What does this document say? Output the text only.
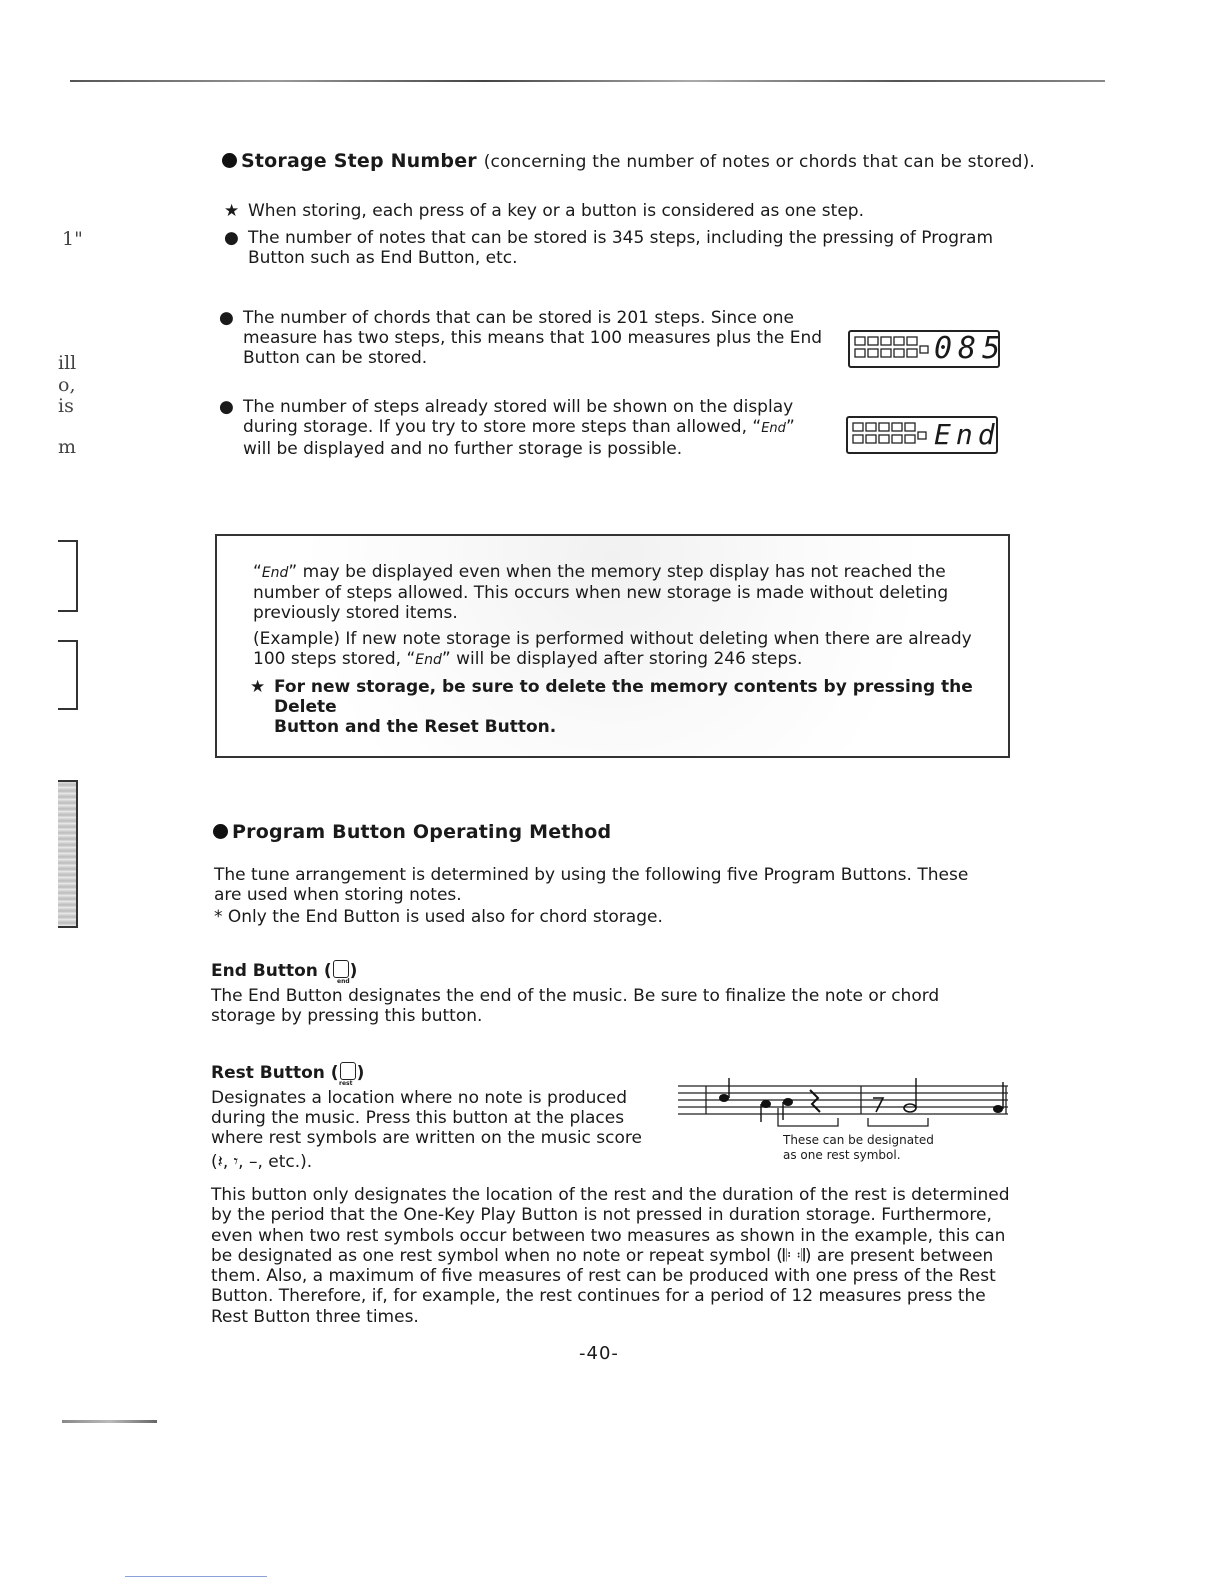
1"
ill
o,
is
m
Storage Step Number (concerning the number of notes or chords that can be stored).
★ When storing, each press of a key or a button is considered as one step.
● The number of notes that can be stored is 345 steps, including the pressing of Program
Button such as End Button, etc.
● The number of chords that can be stored is 201 steps. Since one
measure has two steps, this means that 100 measures plus the End
Button can be stored.	085
● The number of steps already stored will be shown on the display
during storage. If you try to store more steps than allowed, “End”
will be displayed and no further storage is possible.	End
“End” may be displayed even when the memory step display has not reached the
number of steps allowed. This occurs when new storage is made without deleting
previously stored items.
(Example) If new note storage is performed without deleting when there are already
100 steps stored, “End” will be displayed after storing 246 steps.
★ For new storage, be sure to delete the memory contents by pressing the Delete
Button and the Reset Button.
Program Button Operating Method
The tune arrangement is determined by using the following five Program Buttons. These
are used when storing notes.
* Only the End Button is used also for chord storage.
End Button ( )
end
The End Button designates the end of the music. Be sure to finalize the note or chord
storage by pressing this button.
Rest Button ( )
rest
Designates a location where no note is produced
during the music. Press this button at the places
where rest symbols are written on the music score
(𝄽, 𝄾, –, etc.).
These can be designated
as one rest symbol.
This button only designates the location of the rest and the duration of the rest is determined
by the period that the One-Key Play Button is not pressed in duration storage. Furthermore,
even when two rest symbols occur between two measures as shown in the example, this can
be designated as one rest symbol when no note or repeat symbol (𝄆 𝄇) are present between
them. Also, a maximum of five measures of rest can be produced with one press of the Rest
Button. Therefore, if, for example, the rest continues for a period of 12 measures press the
Rest Button three times.
-40-
